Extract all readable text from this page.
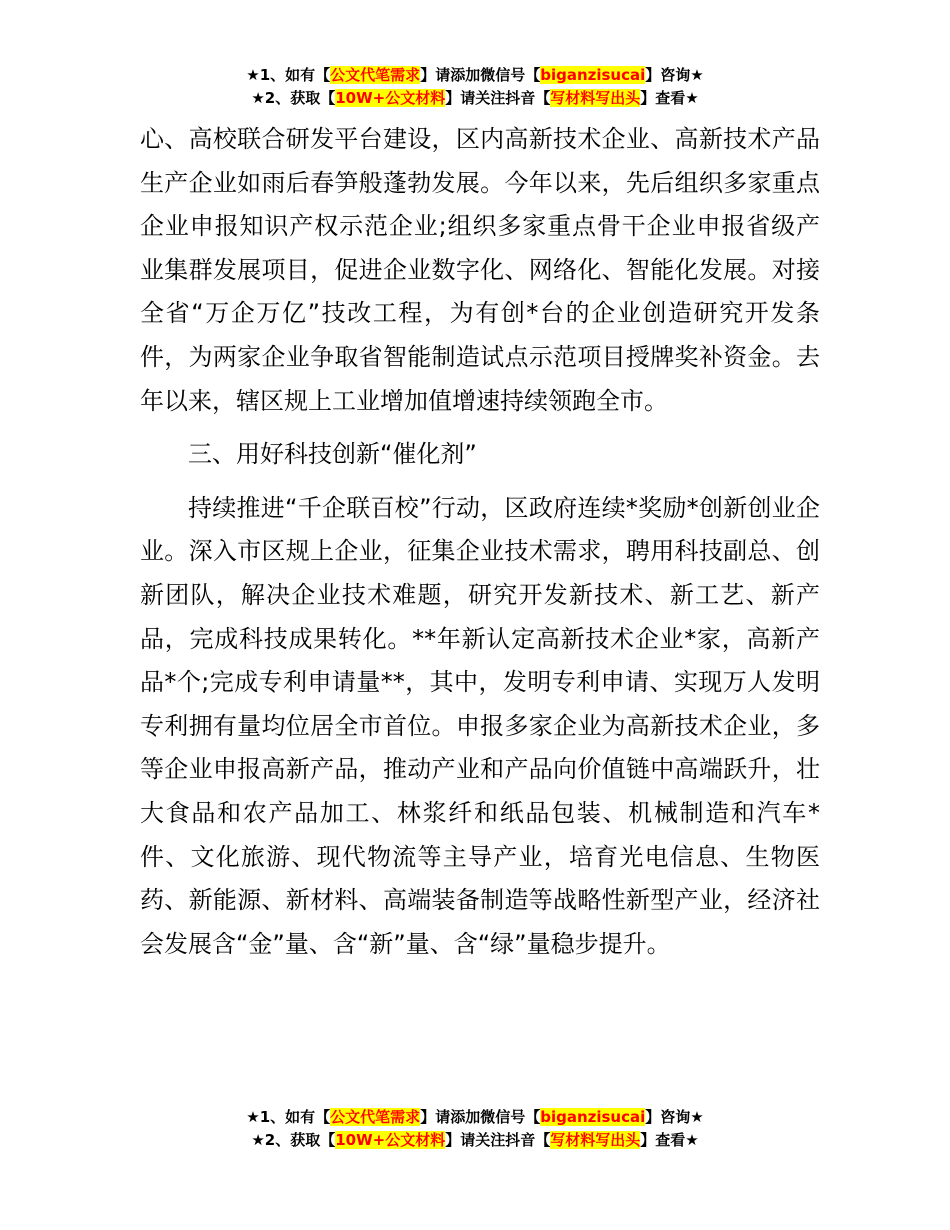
★1、如有【公文代笔需求】请添加微信号【biganzisucai】咨询★
★2、获取【10W+公文材料】请关注抖音【写材料写出头】查看★

心、高校联合研发平台建设，区内高新技术企业、高新技术产品生产企业如雨后春笋般蓬勃发展。今年以来，先后组织多家重点企业申报知识产权示范企业;组织多家重点骨干企业申报省级产业集群发展项目，促进企业数字化、网络化、智能化发展。对接全省“万企万亿”技改工程，为有创*台的企业创造研究开发条件，为两家企业争取省智能制造试点示范项目授牌奖补资金。去年以来，辖区规上工业增加值增速持续领跑全市。

三、用好科技创新“催化剂”

持续推进“千企联百校”行动，区政府连续*奖励*创新创业企业。深入市区规上企业，征集企业技术需求，聘用科技副总、创新团队，解决企业技术难题，研究开发新技术、新工艺、新产品，完成科技成果转化。**年新认定高新技术企业*家，高新产品*个;完成专利申请量**，其中，发明专利申请、实现万人发明专利拥有量均位居全市首位。申报多家企业为高新技术企业，多等企业申报高新产品，推动产业和产品向价值链中高端跃升，壮大食品和农产品加工、林浆纤和纸品包装、机械制造和汽车*件、文化旅游、现代物流等主导产业，培育光电信息、生物医药、新能源、新材料、高端装备制造等战略性新型产业，经济社会发展含“金”量、含“新”量、含“绿”量稳步提升。

★1、如有【公文代笔需求】请添加微信号【biganzisucai】咨询★
★2、获取【10W+公文材料】请关注抖音【写材料写出头】查看★
